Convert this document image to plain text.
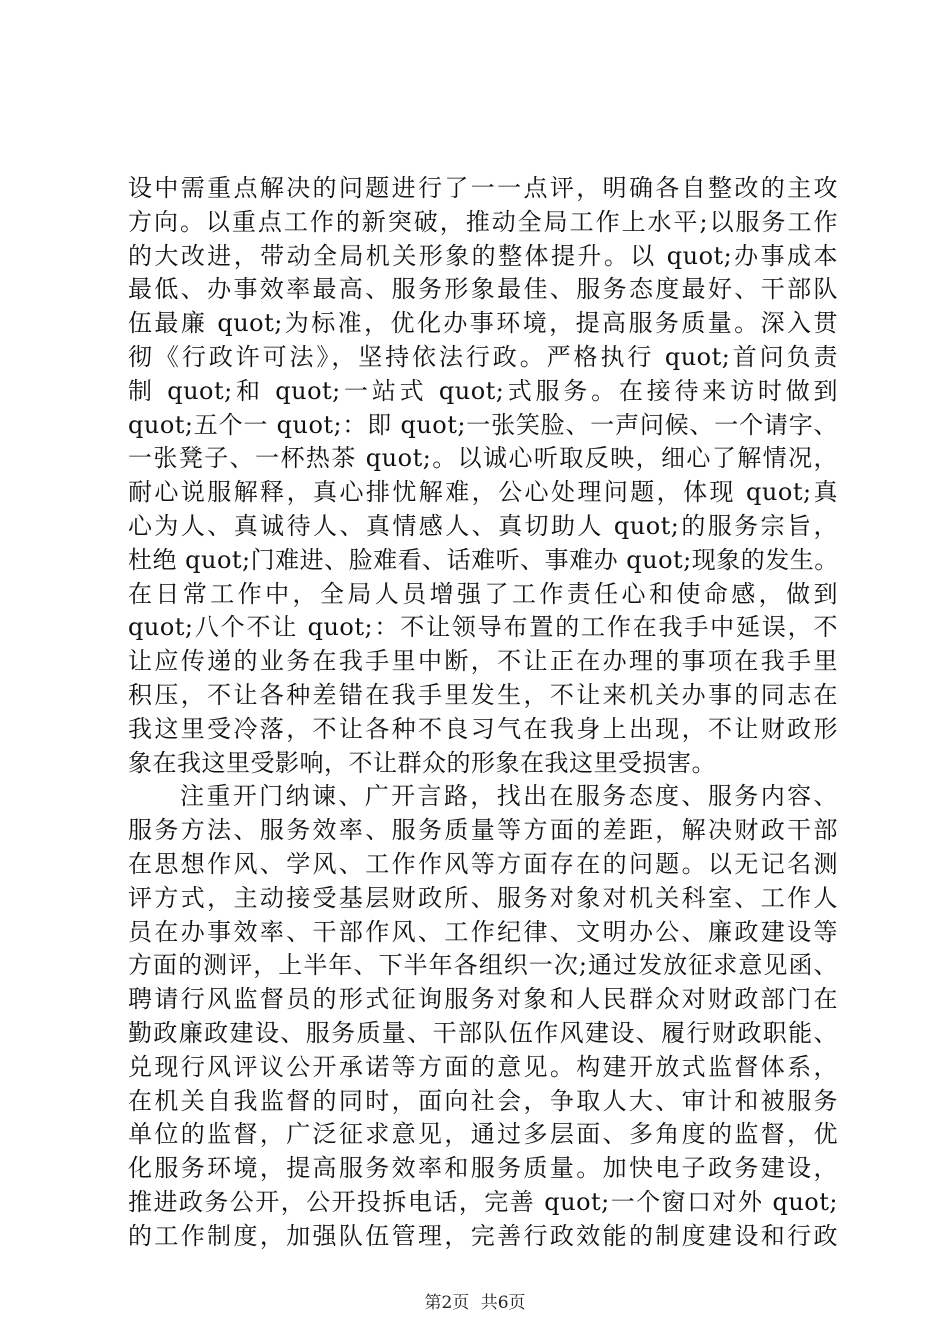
设中需重点解决的问题进行了一一点评，明确各自整改的主攻
方向。以重点工作的新突破，推动全局工作上水平;以服务工作
的大改进，带动全局机关形象的整体提升。以 quot;办事成本
最低、办事效率最高、服务形象最佳、服务态度最好、干部队
伍最廉 quot;为标准，优化办事环境，提高服务质量。深入贯
彻《行政许可法》，坚持依法行政。严格执行 quot;首问负责
制 quot;和 quot;一站式 quot;式服务。在接待来访时做到
quot;五个一 quot;：即 quot;一张笑脸、一声问候、一个请字、
一张凳子、一杯热茶 quot;。以诚心听取反映，细心了解情况，
耐心说服解释，真心排忧解难，公心处理问题，体现 quot;真
心为人、真诚待人、真情感人、真切助人 quot;的服务宗旨，
杜绝 quot;门难进、脸难看、话难听、事难办 quot;现象的发生。
在日常工作中，全局人员增强了工作责任心和使命感，做到
quot;八个不让 quot;：不让领导布置的工作在我手中延误，不
让应传递的业务在我手里中断，不让正在办理的事项在我手里
积压，不让各种差错在我手里发生，不让来机关办事的同志在
我这里受冷落，不让各种不良习气在我身上出现，不让财政形
象在我这里受影响，不让群众的形象在我这里受损害。
注重开门纳谏、广开言路，找出在服务态度、服务内容、
服务方法、服务效率、服务质量等方面的差距，解决财政干部
在思想作风、学风、工作作风等方面存在的问题。以无记名测
评方式，主动接受基层财政所、服务对象对机关科室、工作人
员在办事效率、干部作风、工作纪律、文明办公、廉政建设等
方面的测评，上半年、下半年各组织一次;通过发放征求意见函、
聘请行风监督员的形式征询服务对象和人民群众对财政部门在
勤政廉政建设、服务质量、干部队伍作风建设、履行财政职能、
兑现行风评议公开承诺等方面的意见。构建开放式监督体系，
在机关自我监督的同时，面向社会，争取人大、审计和被服务
单位的监督，广泛征求意见，通过多层面、多角度的监督，优
化服务环境，提高服务效率和服务质量。加快电子政务建设，
推进政务公开，公开投拆电话，完善 quot;一个窗口对外 quot;
的工作制度，加强队伍管理，完善行政效能的制度建设和行政
第2页 共6页
